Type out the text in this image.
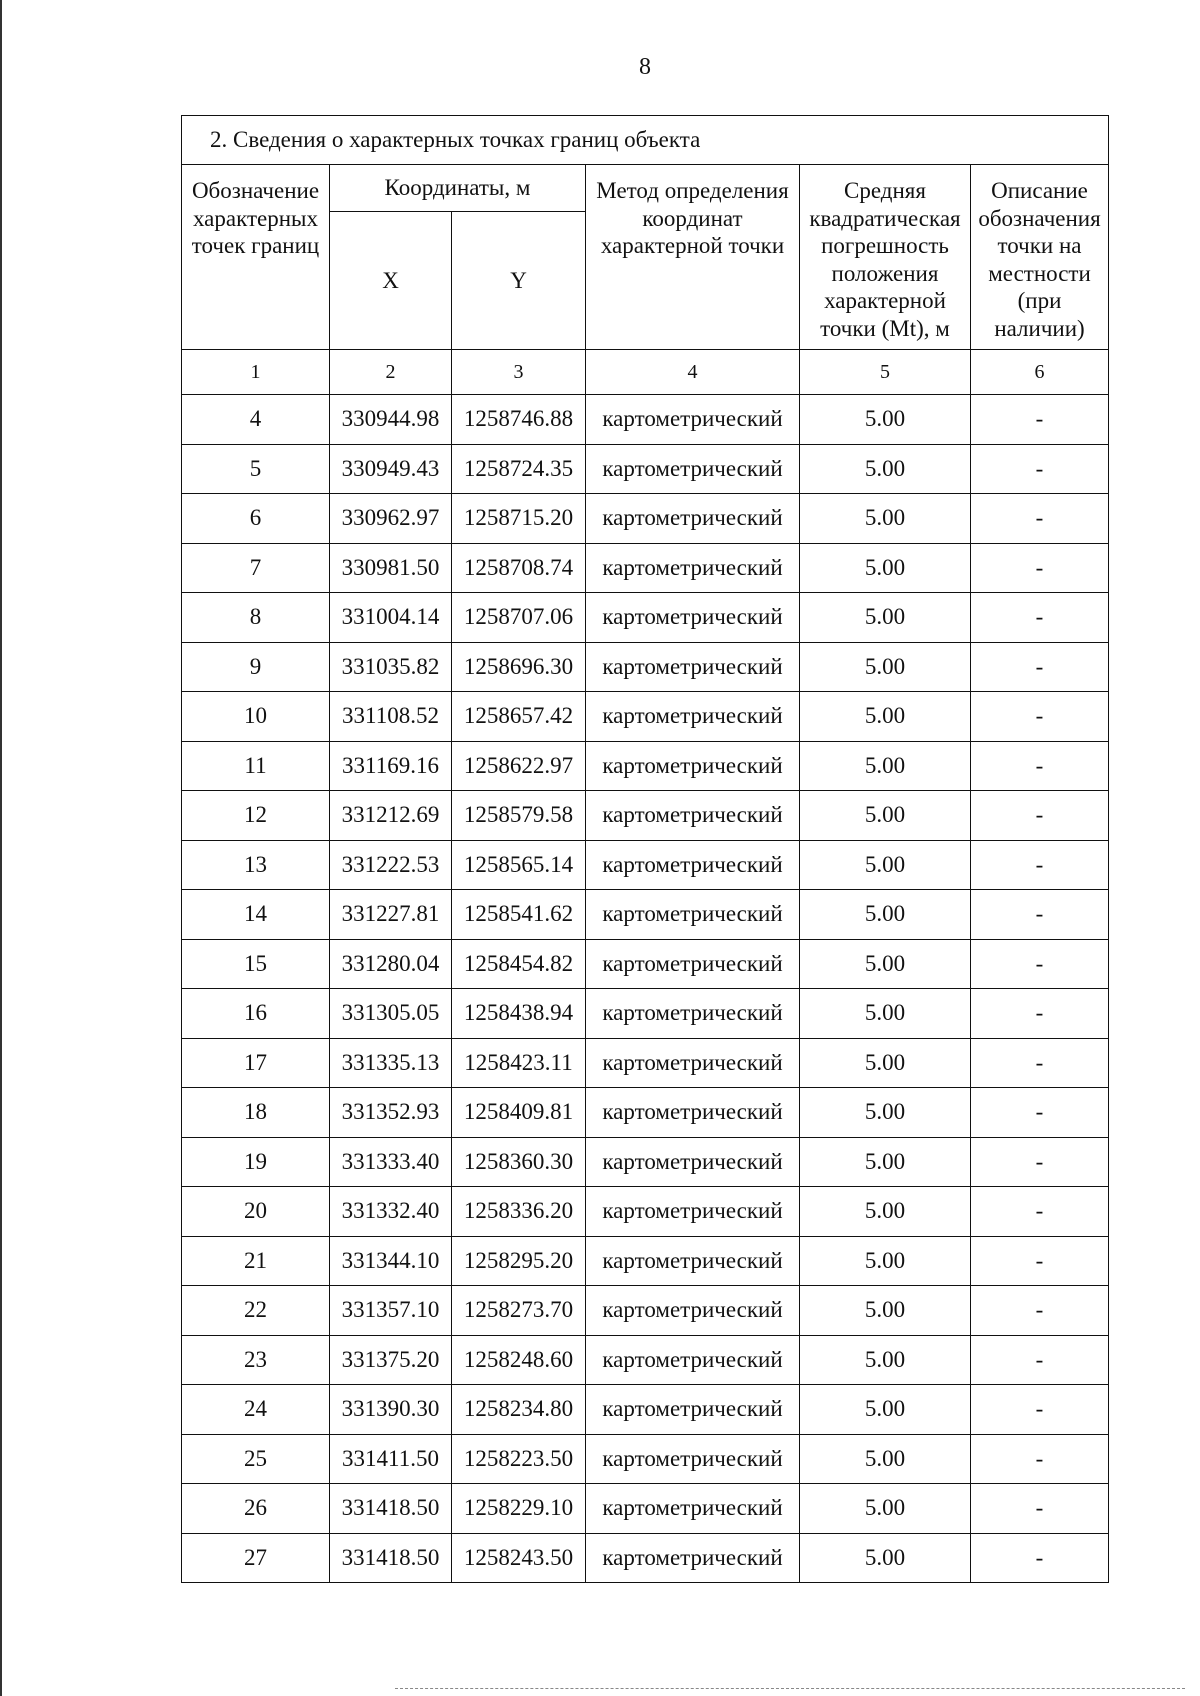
8
2. Сведения о характерных точках границ объекта					
Обозначение характерных точек границ	Координаты, м		Метод определения координат характерной точки	Средняя квадратическая погрешность положения характерной точки (Mt), м	Описание обозначения точки на местности (при наличии)
	X	Y			
1	2	3	4	5	6
4	330944.98	1258746.88	картометрический	5.00	-
5	330949.43	1258724.35	картометрический	5.00	-
6	330962.97	1258715.20	картометрический	5.00	-
7	330981.50	1258708.74	картометрический	5.00	-
8	331004.14	1258707.06	картометрический	5.00	-
9	331035.82	1258696.30	картометрический	5.00	-
10	331108.52	1258657.42	картометрический	5.00	-
11	331169.16	1258622.97	картометрический	5.00	-
12	331212.69	1258579.58	картометрический	5.00	-
13	331222.53	1258565.14	картометрический	5.00	-
14	331227.81	1258541.62	картометрический	5.00	-
15	331280.04	1258454.82	картометрический	5.00	-
16	331305.05	1258438.94	картометрический	5.00	-
17	331335.13	1258423.11	картометрический	5.00	-
18	331352.93	1258409.81	картометрический	5.00	-
19	331333.40	1258360.30	картометрический	5.00	-
20	331332.40	1258336.20	картометрический	5.00	-
21	331344.10	1258295.20	картометрический	5.00	-
22	331357.10	1258273.70	картометрический	5.00	-
23	331375.20	1258248.60	картометрический	5.00	-
24	331390.30	1258234.80	картометрический	5.00	-
25	331411.50	1258223.50	картометрический	5.00	-
26	331418.50	1258229.10	картометрический	5.00	-
27	331418.50	1258243.50	картометрический	5.00	-
